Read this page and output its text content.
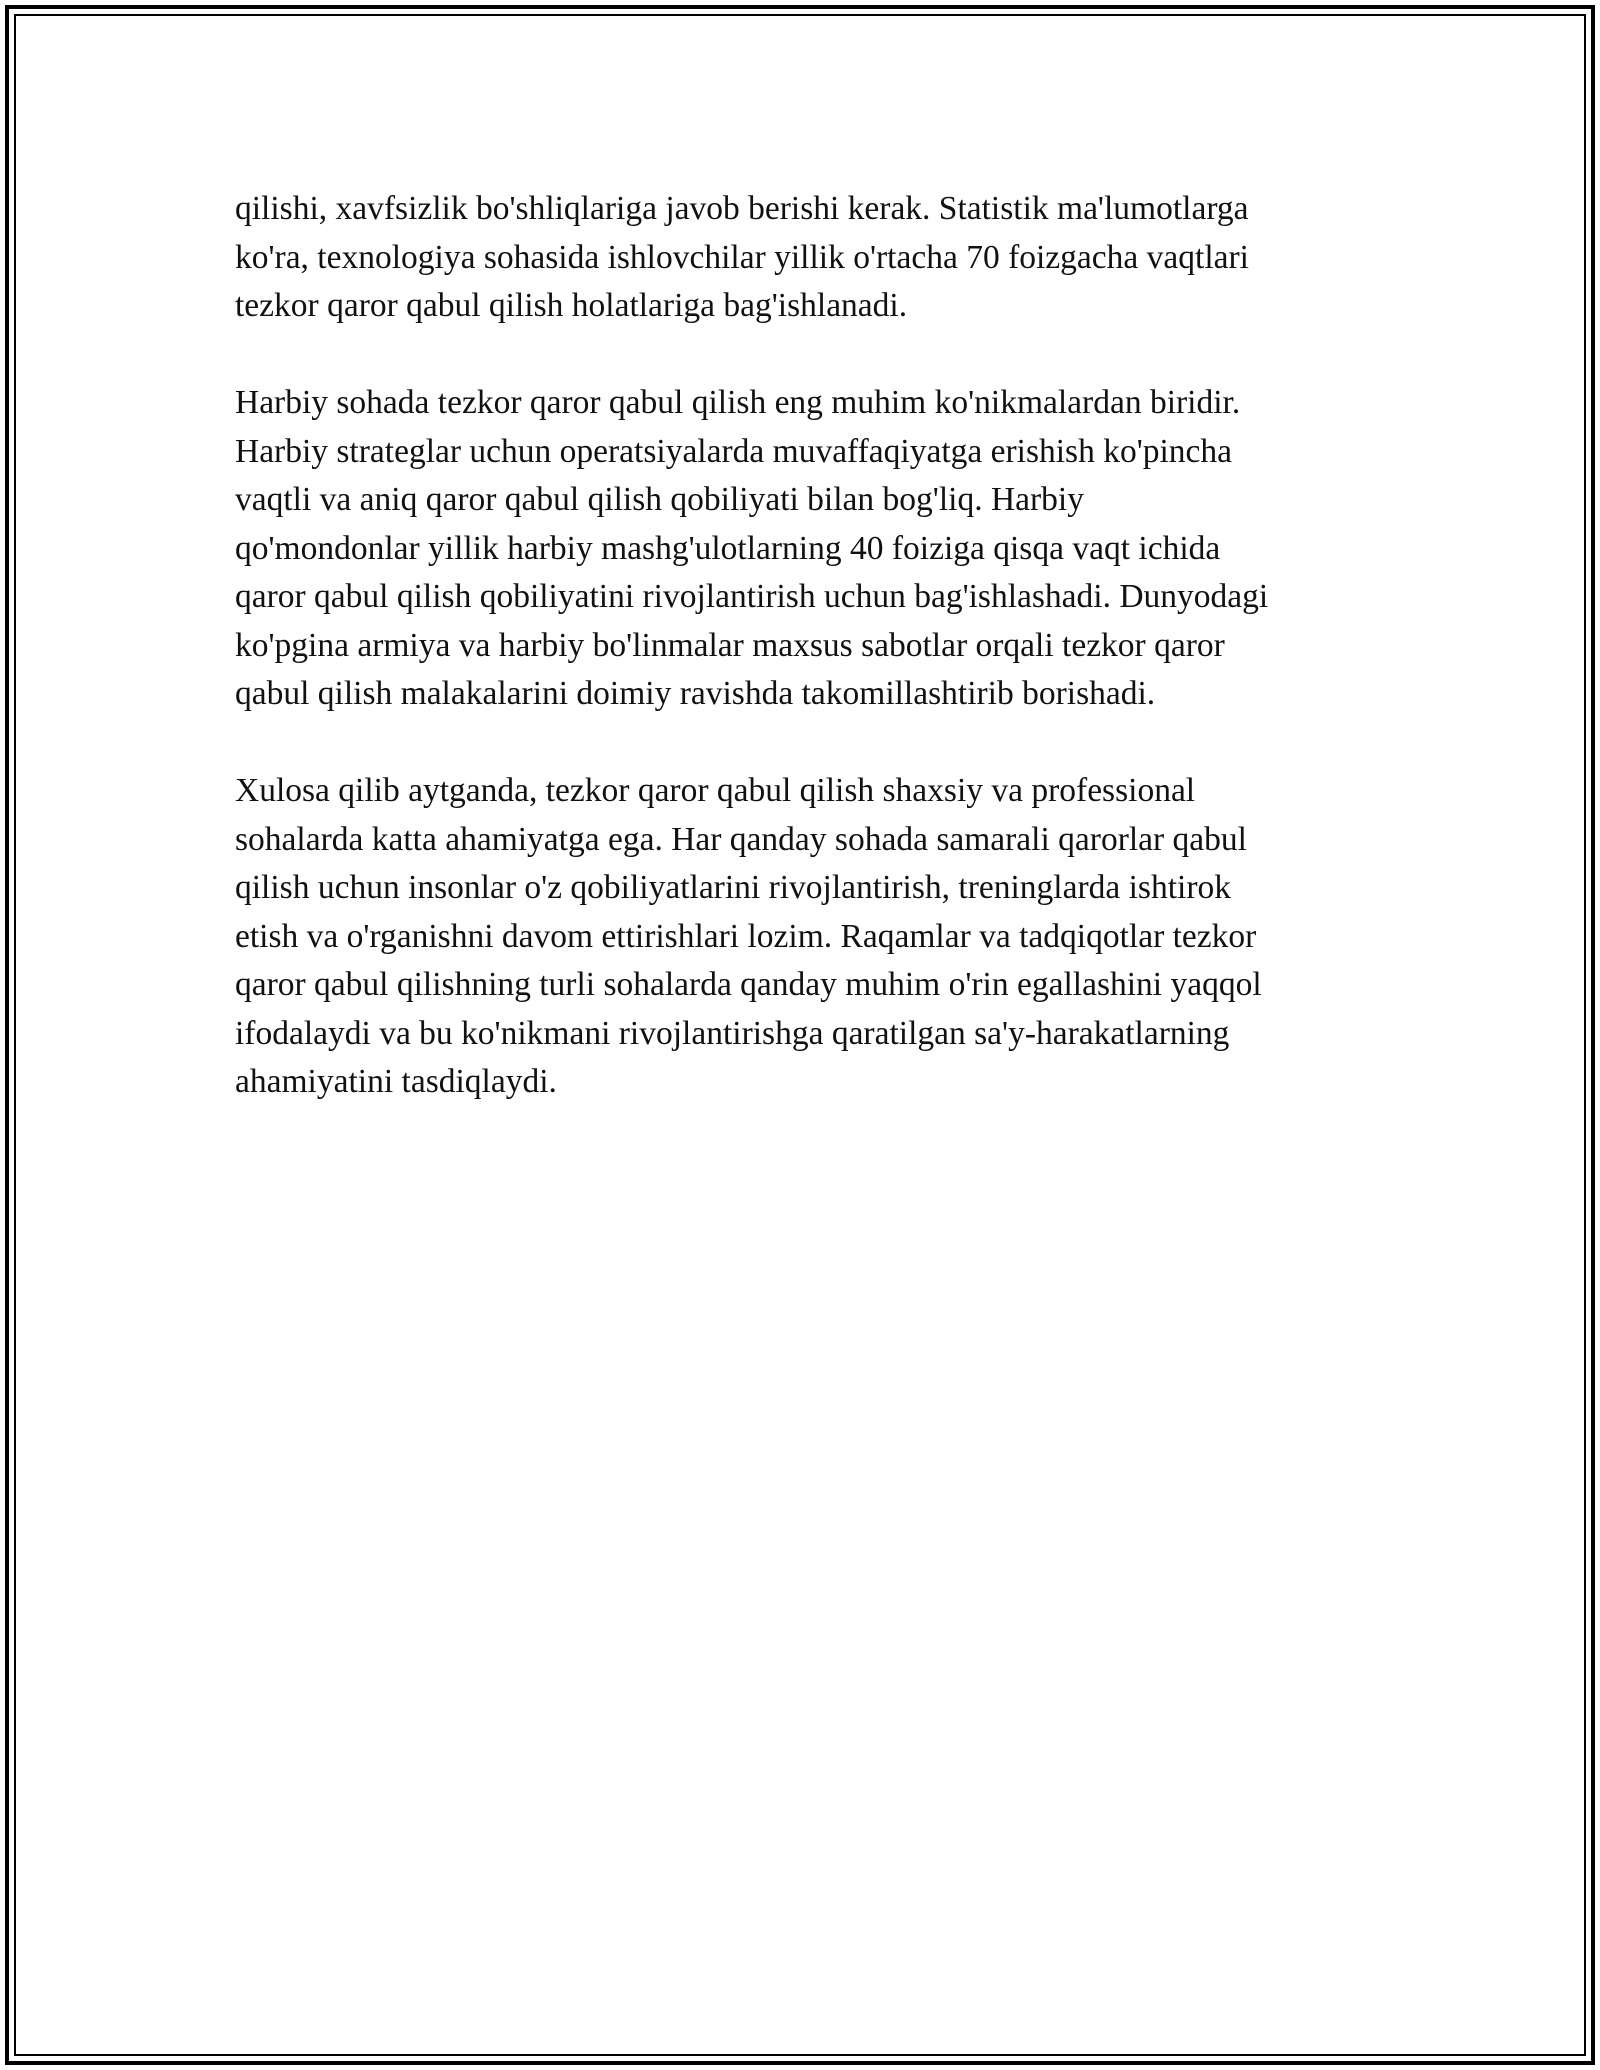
qilishi, xavfsizlik bo'shliqlariga javob berishi kerak. Statistik ma'lumotlarga
ko'ra, texnologiya sohasida ishlovchilar yillik o'rtacha 70 foizgacha vaqtlari
tezkor qaror qabul qilish holatlariga bag'ishlanadi.

Harbiy sohada tezkor qaror qabul qilish eng muhim ko'nikmalardan biridir.
Harbiy strateglar uchun operatsiyalarda muvaffaqiyatga erishish ko'pincha
vaqtli va aniq qaror qabul qilish qobiliyati bilan bog'liq. Harbiy
qo'mondonlar yillik harbiy mashg'ulotlarning 40 foiziga qisqa vaqt ichida
qaror qabul qilish qobiliyatini rivojlantirish uchun bag'ishlashadi. Dunyodagi
ko'pgina armiya va harbiy bo'linmalar maxsus sabotlar orqali tezkor qaror
qabul qilish malakalarini doimiy ravishda takomillashtirib borishadi.

Xulosa qilib aytganda, tezkor qaror qabul qilish shaxsiy va professional
sohalarda katta ahamiyatga ega. Har qanday sohada samarali qarorlar qabul
qilish uchun insonlar o'z qobiliyatlarini rivojlantirish, treninglarda ishtirok
etish va o'rganishni davom ettirishlari lozim. Raqamlar va tadqiqotlar tezkor
qaror qabul qilishning turli sohalarda qanday muhim o'rin egallashini yaqqol
ifodalaydi va bu ko'nikmani rivojlantirishga qaratilgan sa'y-harakatlarning
ahamiyatini tasdiqlaydi.
